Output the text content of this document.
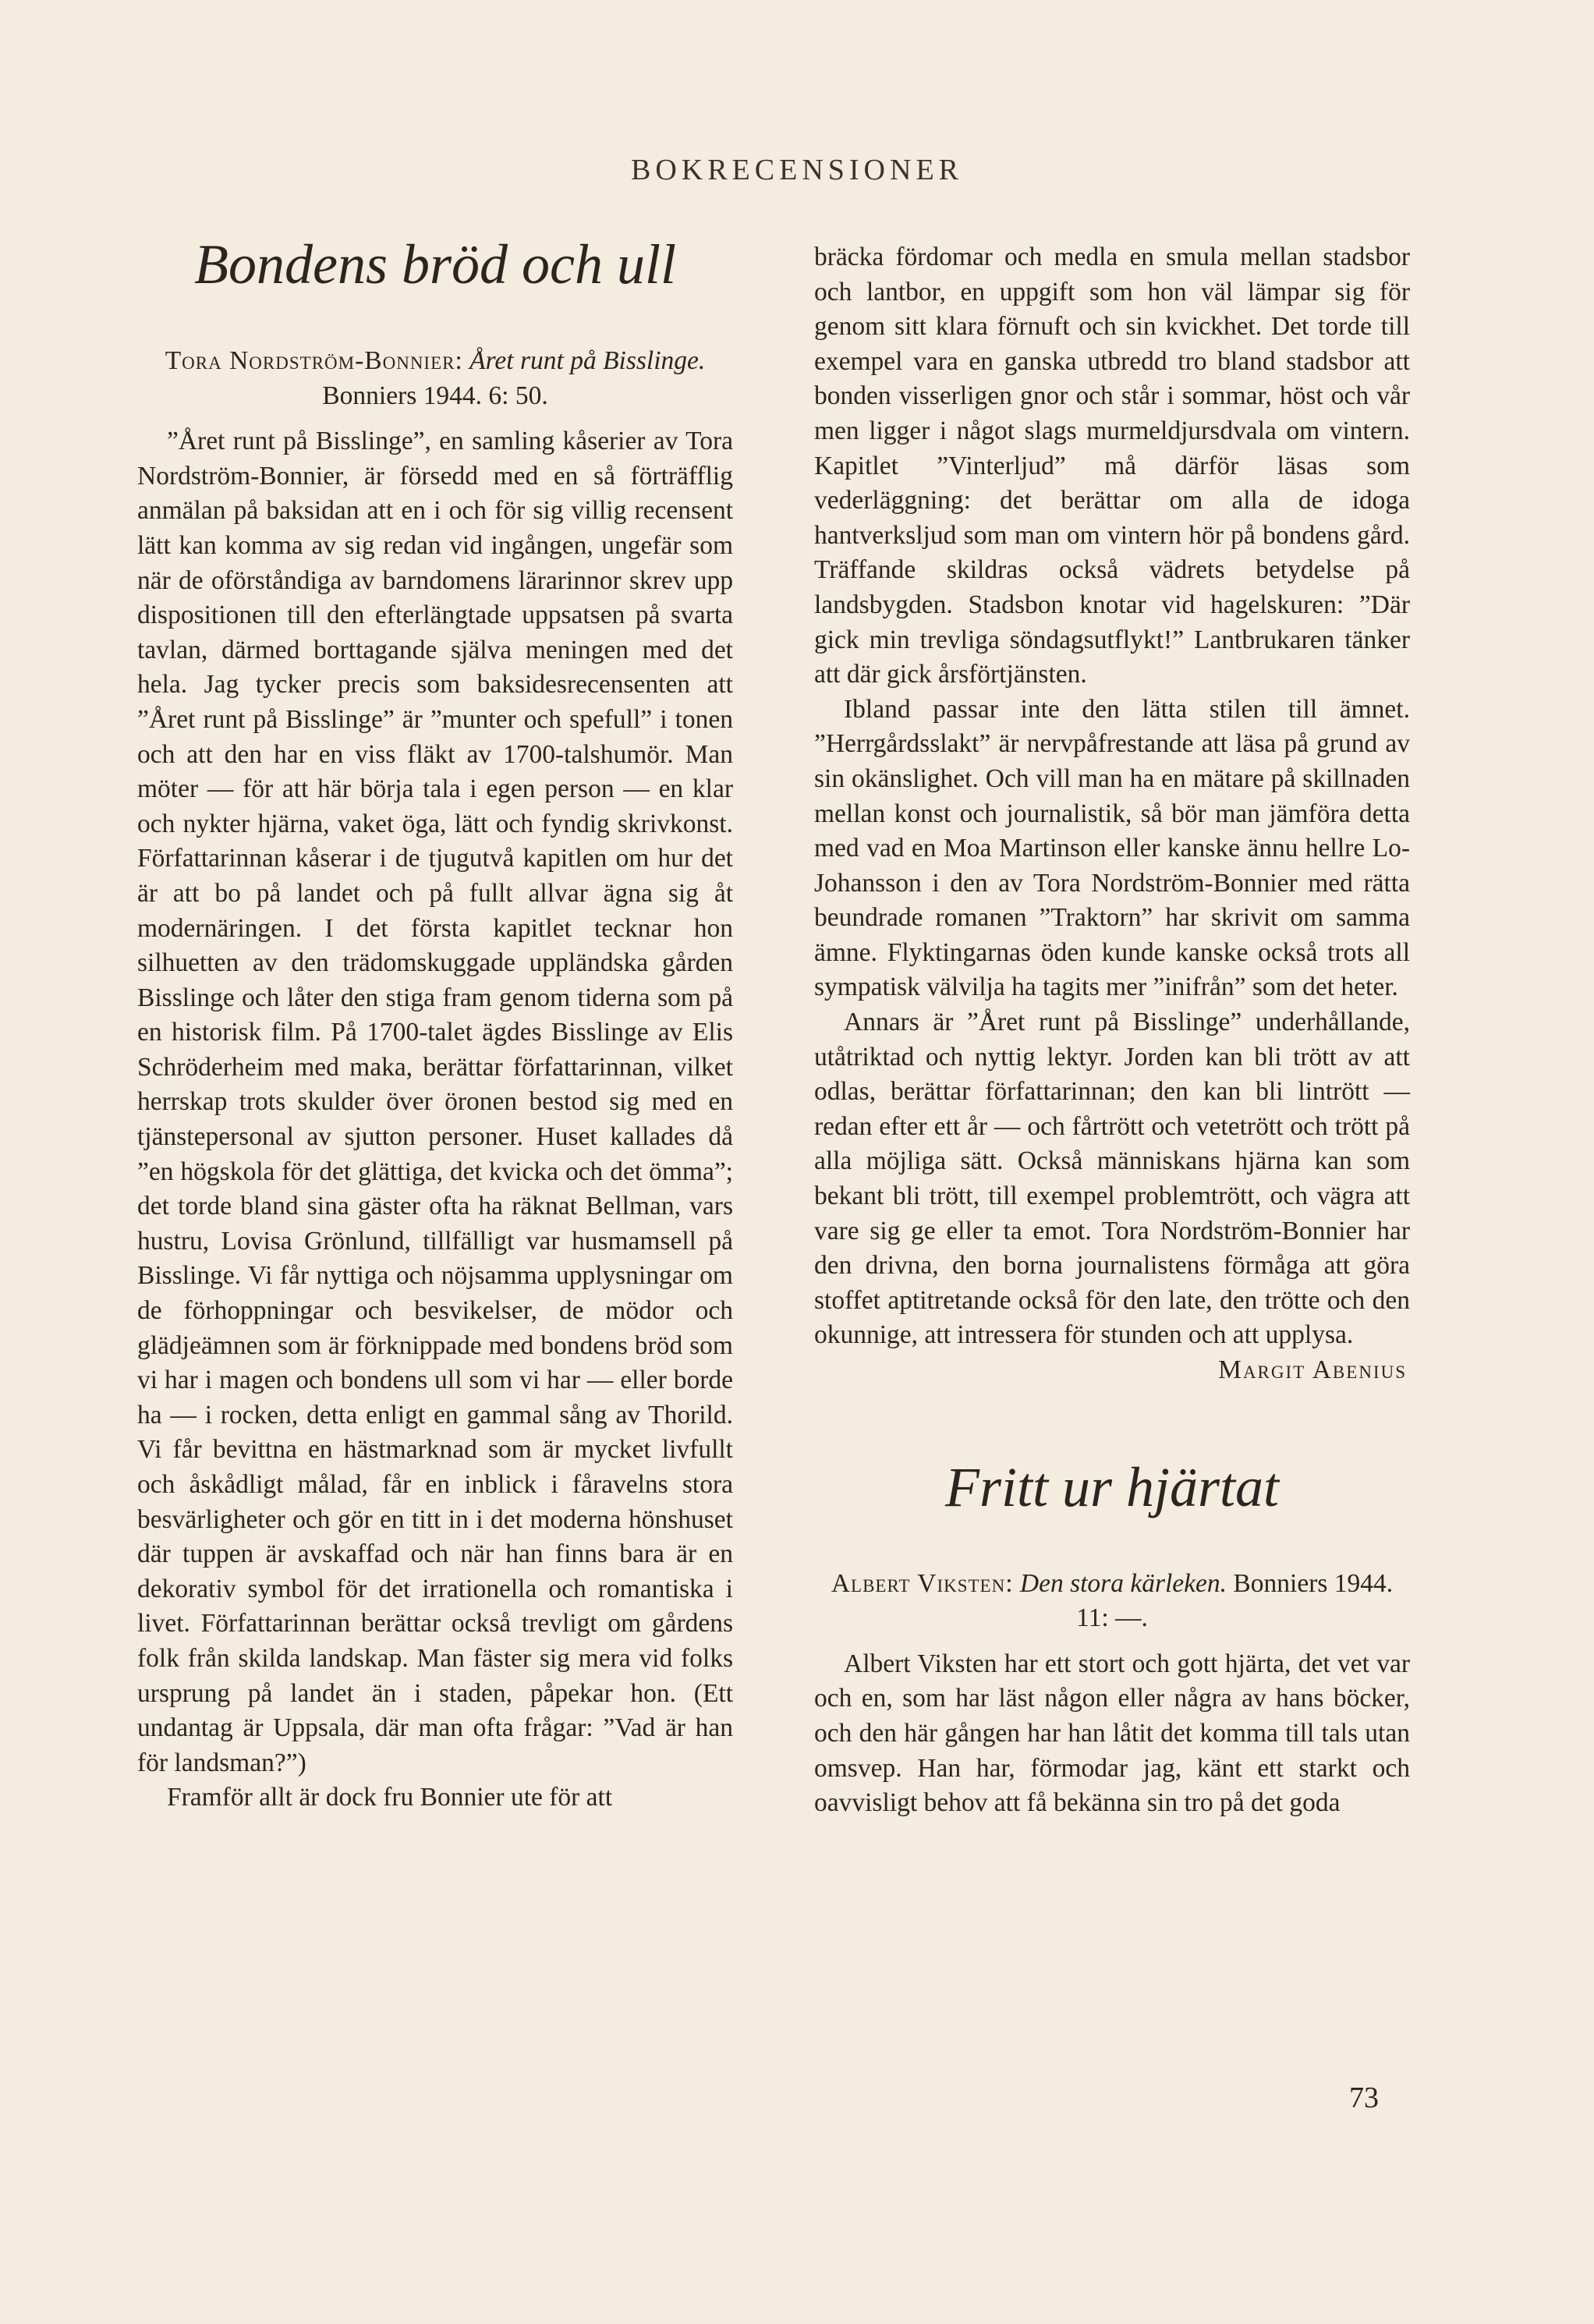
BOKRECENSIONER
Bondens bröd och ull
Tora Nordström-Bonnier: Året runt på Bisslinge. Bonniers 1944. 6: 50.

”Året runt på Bisslinge”, en samling kåserier av Tora Nordström-Bonnier, är försedd med en så förträfflig anmälan på baksidan att en i och för sig villig recensent lätt kan komma av sig redan vid ingången, ungefär som när de oförståndiga av barndomens lärarinnor skrev upp dispositionen till den efterlängtade uppsatsen på svarta tavlan, därmed borttagande själva meningen med det hela. Jag tycker precis som baksidesrecensenten att ”Året runt på Bisslinge” är ”munter och spefull” i tonen och att den har en viss fläkt av 1700-talshumör. Man möter — för att här börja tala i egen person — en klar och nykter hjärna, vaket öga, lätt och fyndig skrivkonst. Författarinnan kåserar i de tjugutvå kapitlen om hur det är att bo på landet och på fullt allvar ägna sig åt modernäringen. I det första kapitlet tecknar hon silhuetten av den trädomskuggade uppländska gården Bisslinge och låter den stiga fram genom tiderna som på en historisk film. På 1700-talet ägdes Bisslinge av Elis Schröderheim med maka, berättar författarinnan, vilket herrskap trots skulder över öronen bestod sig med en tjänstepersonal av sjutton personer. Huset kallades då ”en högskola för det glättiga, det kvicka och det ömma”; det torde bland sina gäster ofta ha räknat Bellman, vars hustru, Lovisa Grönlund, tillfälligt var husmamsell på Bisslinge. Vi får nyttiga och nöjsamma upplysningar om de förhoppningar och besvikelser, de mödor och glädjeämnen som är förknippade med bondens bröd som vi har i magen och bondens ull som vi har — eller borde ha — i rocken, detta enligt en gammal sång av Thorild. Vi får bevittna en hästmarknad som är mycket livfullt och åskådligt målad, får en inblick i fåravelns stora besvärligheter och gör en titt in i det moderna hönshuset där tuppen är avskaffad och när han finns bara är en dekorativ symbol för det irrationella och romantiska i livet. Författarinnan berättar också trevligt om gårdens folk från skilda landskap. Man fäster sig mera vid folks ursprung på landet än i staden, påpekar hon. (Ett undantag är Uppsala, där man ofta frågar: ”Vad är han för landsman?”)

Framför allt är dock fru Bonnier ute för att

bräcka fördomar och medla en smula mellan stadsbor och lantbor, en uppgift som hon väl lämpar sig för genom sitt klara förnuft och sin kvickhet. Det torde till exempel vara en ganska utbredd tro bland stadsbor att bonden visserligen gnor och står i sommar, höst och vår men ligger i något slags murmeldjursdvala om vintern. Kapitlet ”Vinterljud” må därför läsas som vederläggning: det berättar om alla de idoga hantverksljud som man om vintern hör på bondens gård. Träffande skildras också vädrets betydelse på landsbygden. Stadsbon knotar vid hagelskuren: ”Där gick min trevliga söndagsutflykt!” Lantbrukaren tänker att där gick årsförtjänsten.

Ibland passar inte den lätta stilen till ämnet. ”Herrgårdsslakt” är nervpåfrestande att läsa på grund av sin okänslighet. Och vill man ha en mätare på skillnaden mellan konst och journalistik, så bör man jämföra detta med vad en Moa Martinson eller kanske ännu hellre Lo-Johansson i den av Tora Nordström-Bonnier med rätta beundrade romanen ”Traktorn” har skrivit om samma ämne. Flyktingarnas öden kunde kanske också trots all sympatisk välvilja ha tagits mer ”inifrån” som det heter.

Annars är ”Året runt på Bisslinge” underhållande, utåtriktad och nyttig lektyr. Jorden kan bli trött av att odlas, berättar författarinnan; den kan bli lintrött — redan efter ett år — och fårtrött och vetetrött och trött på alla möjliga sätt. Också människans hjärna kan som bekant bli trött, till exempel problemtrött, och vägra att vare sig ge eller ta emot. Tora Nordström-Bonnier har den drivna, den borna journalistens förmåga att göra stoffet aptitretande också för den late, den trötte och den okunnige, att intressera för stunden och att upplysa.

Margit Abenius
Fritt ur hjärtat
Albert Viksten: Den stora kärleken. Bonniers 1944. 11: —.

Albert Viksten har ett stort och gott hjärta, det vet var och en, som har läst någon eller några av hans böcker, och den här gången har han låtit det komma till tals utan omsvep. Han har, förmodar jag, känt ett starkt och oavvisligt behov att få bekänna sin tro på det goda

73
